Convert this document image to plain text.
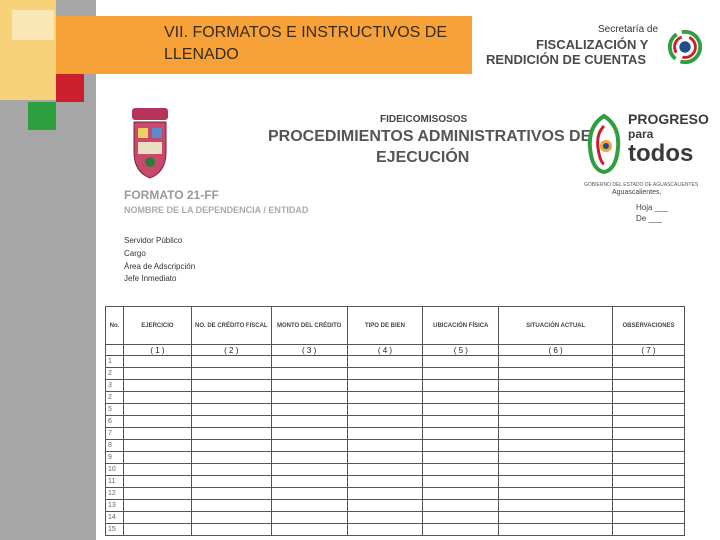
VII. FORMATOS E INSTRUCTIVOS DE LLENADO
Secretaría de
FISCALIZACIÓN Y
RENDICIÓN DE CUENTAS
FIDEICOMISOSOS
PROCEDIMIENTOS ADMINISTRATIVOS DE
EJECUCIÓN
PROGRESO
para
todos
GOBIERNO DEL ESTADO DE AGUASCALIENTES
FORMATO 21-FF
NOMBRE DE LA DEPENDENCIA / ENTIDAD
Aguascalientes,
Hoja ___
De ___
Servidor Público
Cargo
Área de Adscripción
Jefe Inmediato
No.	EJERCICIO	NO. DE CRÉDITO FISCAL	MONTO DEL CRÉDITO	TIPO DE BIEN	UBICACIÓN FÍSICA	SITUACIÓN ACTUAL	OBSERVACIONES
	( 1 )	( 2 )	( 3 )	( 4 )	( 5 )	( 6 )	( 7 )
1							
2							
3							
2							
5							
6							
7							
8							
9							
10							
11							
12							
13							
14							
15							
